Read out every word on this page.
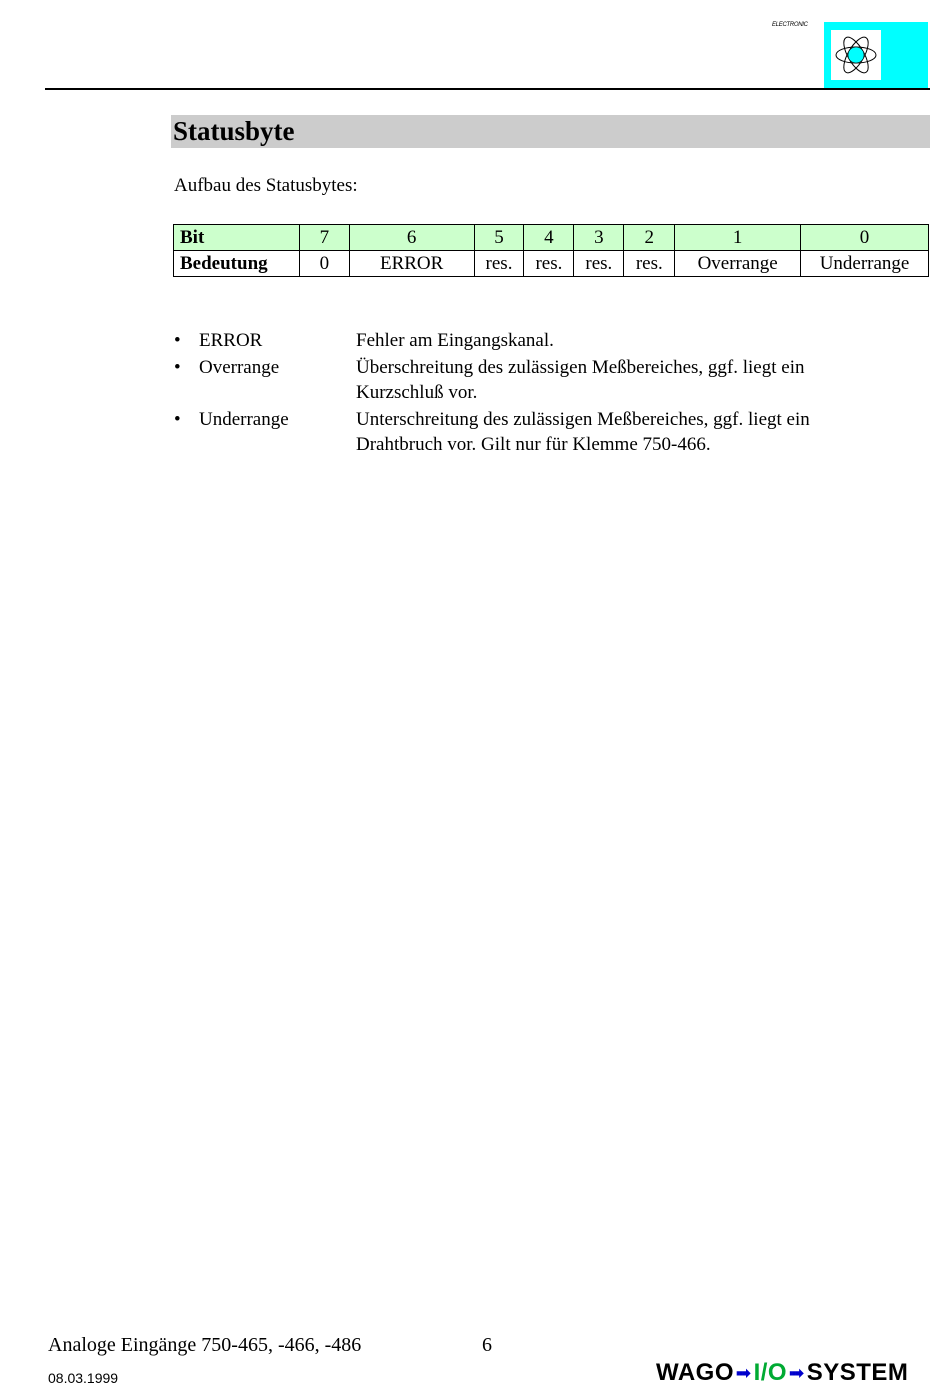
ELECTRONIC
Statusbyte
Aufbau des Statusbytes:
Bit	7	6	5	4	3	2	1	0
Bedeutung	0	ERROR	res.	res.	res.	res.	Overrange	Underrange
• ERROR	Fehler am Eingangskanal.
• Overrange	Überschreitung des zulässigen Meßbereiches, ggf. liegt ein Kurzschluß vor.
• Underrange	Unterschreitung des zulässigen Meßbereiches, ggf. liegt ein Drahtbruch vor. Gilt nur für Klemme 750-466.
Analoge Eingänge 750-465, -466, -486	6
08.03.1999	WAGO ➟ I/O ➟ SYSTEM
